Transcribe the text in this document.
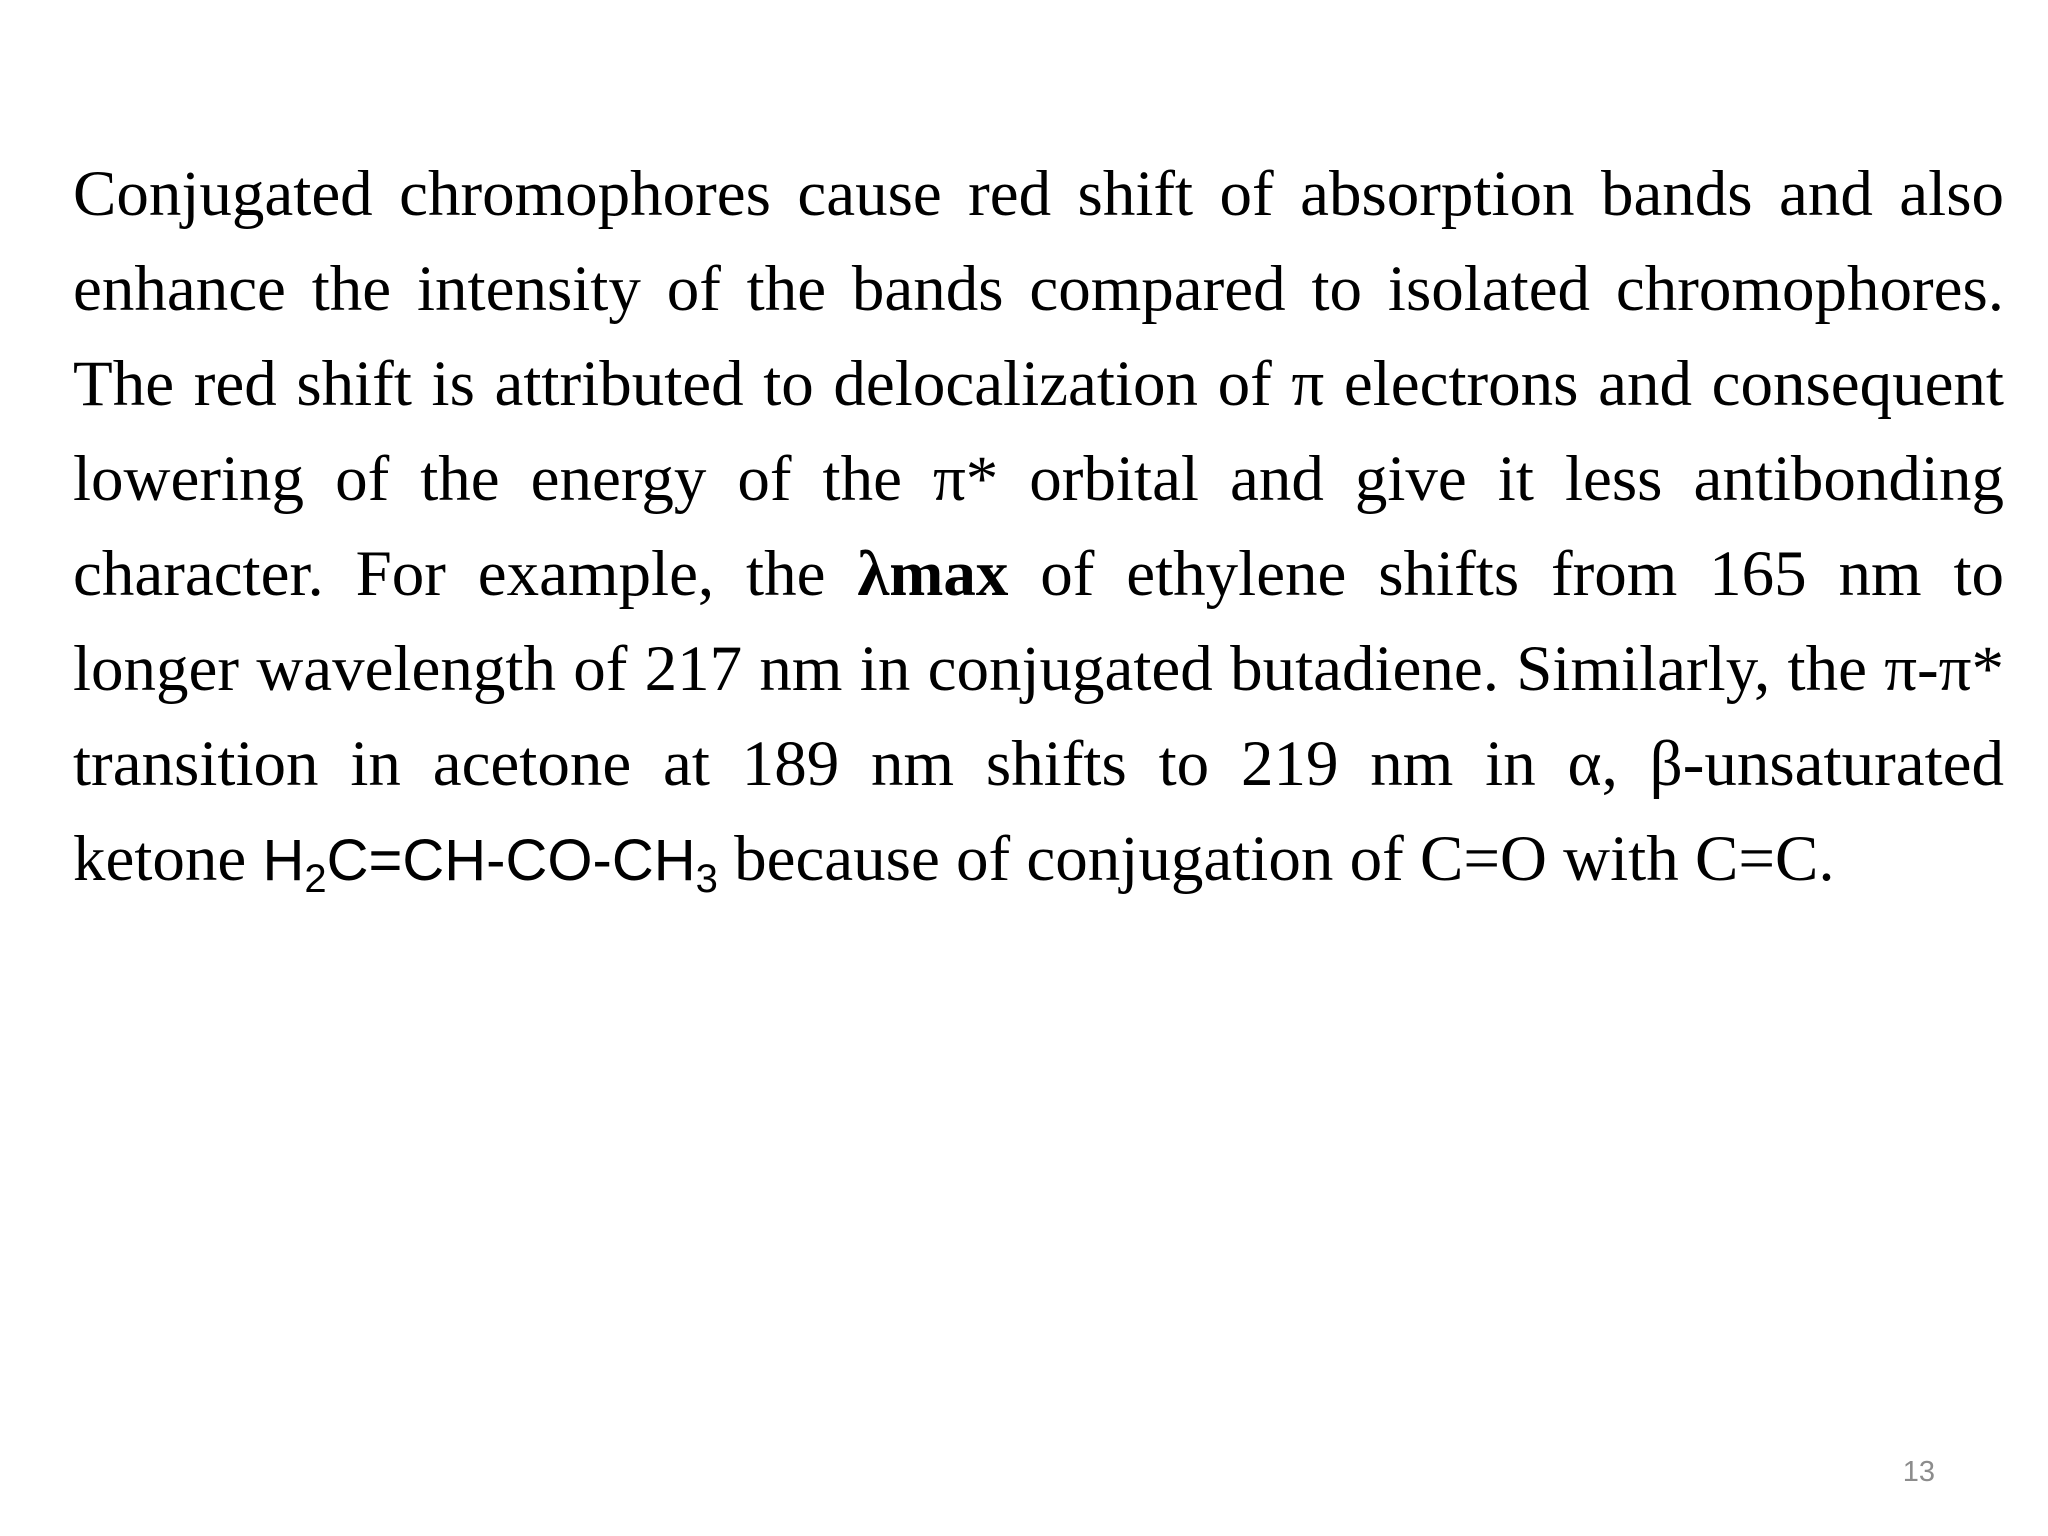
Conjugated chromophores cause red shift of absorption bands and also enhance the intensity of the bands compared to isolated chromophores. The red shift is attributed to delocalization of π electrons and consequent lowering of the energy of the π* orbital and give it less antibonding character. For example, the λmax of ethylene shifts from 165 nm to longer wavelength of 217 nm in conjugated butadiene. Similarly, the π-π* transition in acetone at 189 nm shifts to 219 nm in α, β-unsaturated ketone $H_2C=CH-CO-CH_3$ because of conjugation of C=O with C=C.

13
